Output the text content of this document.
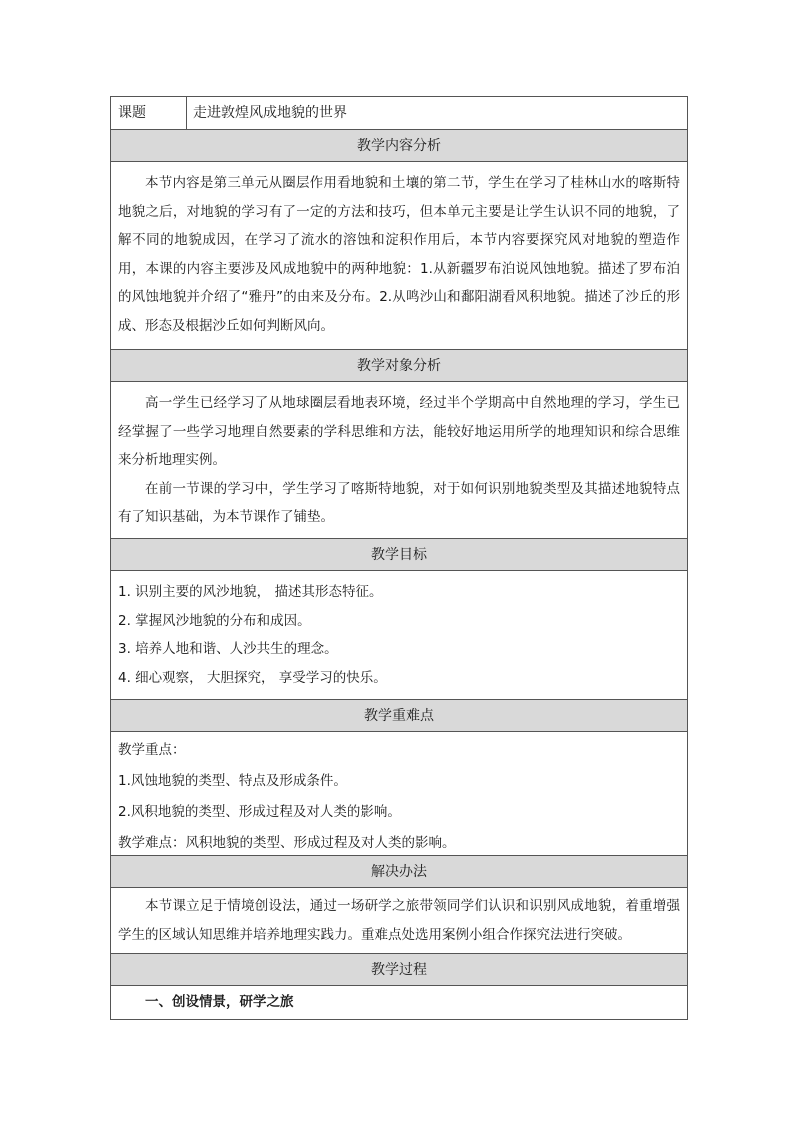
课题	走进敦煌风成地貌的世界
教学内容分析

本节内容是第三单元从圈层作用看地貌和土壤的第二节，学生在学习了桂林山水的喀斯特地貌之后，对地貌的学习有了一定的方法和技巧，但本单元主要是让学生认识不同的地貌，了解不同的地貌成因，在学习了流水的溶蚀和淀积作用后，本节内容要探究风对地貌的塑造作用，本课的内容主要涉及风成地貌中的两种地貌：1.从新疆罗布泊说风蚀地貌。描述了罗布泊的风蚀地貌并介绍了“雅丹”的由来及分布。2.从鸣沙山和鄱阳湖看风积地貌。描述了沙丘的形成、形态及根据沙丘如何判断风向。

教学对象分析

高一学生已经学习了从地球圈层看地表环境，经过半个学期高中自然地理的学习，学生已经掌握了一些学习地理自然要素的学科思维和方法，能较好地运用所学的地理知识和综合思维来分析地理实例。

在前一节课的学习中，学生学习了喀斯特地貌，对于如何识别地貌类型及其描述地貌特点有了知识基础，为本节课作了铺垫。

教学目标
1. 识别主要的风沙地貌， 描述其形态特征。
2. 掌握风沙地貌的分布和成因。
3. 培养人地和谐、人沙共生的理念。
4. 细心观察， 大胆探究， 享受学习的快乐。
教学重难点

教学重点：

1.风蚀地貌的类型、特点及形成条件。

2.风积地貌的类型、形成过程及对人类的影响。

教学难点：风积地貌的类型、形成过程及对人类的影响。

解决办法

本节课立足于情境创设法，通过一场研学之旅带领同学们认识和识别风成地貌，着重增强学生的区域认知思维并培养地理实践力。重难点处选用案例小组合作探究法进行突破。

教学过程

一、创设情景，研学之旅
